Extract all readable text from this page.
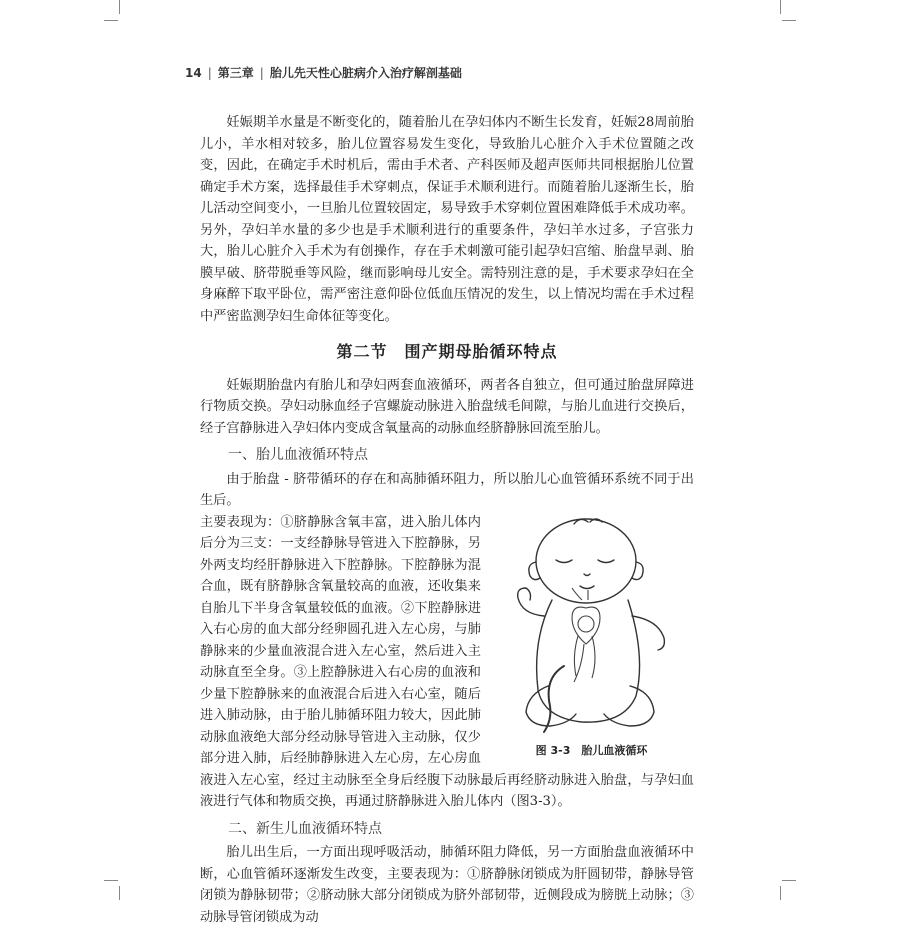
14 | 第三章 | 胎儿先天性心脏病介入治疗解剖基础

妊娠期羊水量是不断变化的，随着胎儿在孕妇体内不断生长发育，妊娠28周前胎儿小，羊水相对较多，胎儿位置容易发生变化，导致胎儿心脏介入手术位置随之改变，因此，在确定手术时机后，需由手术者、产科医师及超声医师共同根据胎儿位置确定手术方案，选择最佳手术穿刺点，保证手术顺利进行。而随着胎儿逐渐生长，胎儿活动空间变小，一旦胎儿位置较固定，易导致手术穿刺位置困难降低手术成功率。另外，孕妇羊水量的多少也是手术顺利进行的重要条件，孕妇羊水过多，子宫张力大，胎儿心脏介入手术为有创操作，存在手术刺激可能引起孕妇宫缩、胎盘早剥、胎膜早破、脐带脱垂等风险，继而影响母儿安全。需特别注意的是，手术要求孕妇在全身麻醉下取平卧位，需严密注意仰卧位低血压情况的发生，以上情况均需在手术过程中严密监测孕妇生命体征等变化。

第二节　围产期母胎循环特点

妊娠期胎盘内有胎儿和孕妇两套血液循环，两者各自独立，但可通过胎盘屏障进行物质交换。孕妇动脉血经子宫螺旋动脉进入胎盘绒毛间隙，与胎儿血进行交换后，经子宫静脉进入孕妇体内变成含氧量高的动脉血经脐静脉回流至胎儿。

一、胎儿血液循环特点

由于胎盘 - 脐带循环的存在和高肺循环阻力，所以胎儿心血管循环系统不同于出生后。

图 3-3　胎儿血液循环

主要表现为：①脐静脉含氧丰富，进入胎儿体内后分为三支：一支经静脉导管进入下腔静脉，另外两支均经肝静脉进入下腔静脉。下腔静脉为混合血，既有脐静脉含氧量较高的血液，还收集来自胎儿下半身含氧量较低的血液。②下腔静脉进入右心房的血大部分经卵圆孔进入左心房，与肺静脉来的少量血液混合进入左心室，然后进入主动脉直至全身。③上腔静脉进入右心房的血液和少量下腔静脉来的血液混合后进入右心室，随后进入肺动脉，由于胎儿肺循环阻力较大，因此肺动脉血液绝大部分经动脉导管进入主动脉，仅少部分进入肺，后经肺静脉进入左心房，左心房血液进入左心室，经过主动脉至全身后经腹下动脉最后再经脐动脉进入胎盘，与孕妇血液进行气体和物质交换，再通过脐静脉进入胎儿体内（图3-3）。

二、新生儿血液循环特点

胎儿出生后，一方面出现呼吸活动，肺循环阻力降低，另一方面胎盘血液循环中断，心血管循环逐渐发生改变，主要表现为：①脐静脉闭锁成为肝圆韧带，静脉导管闭锁为静脉韧带；②脐动脉大部分闭锁成为脐外部韧带，近侧段成为膀胱上动脉；③动脉导管闭锁成为动
